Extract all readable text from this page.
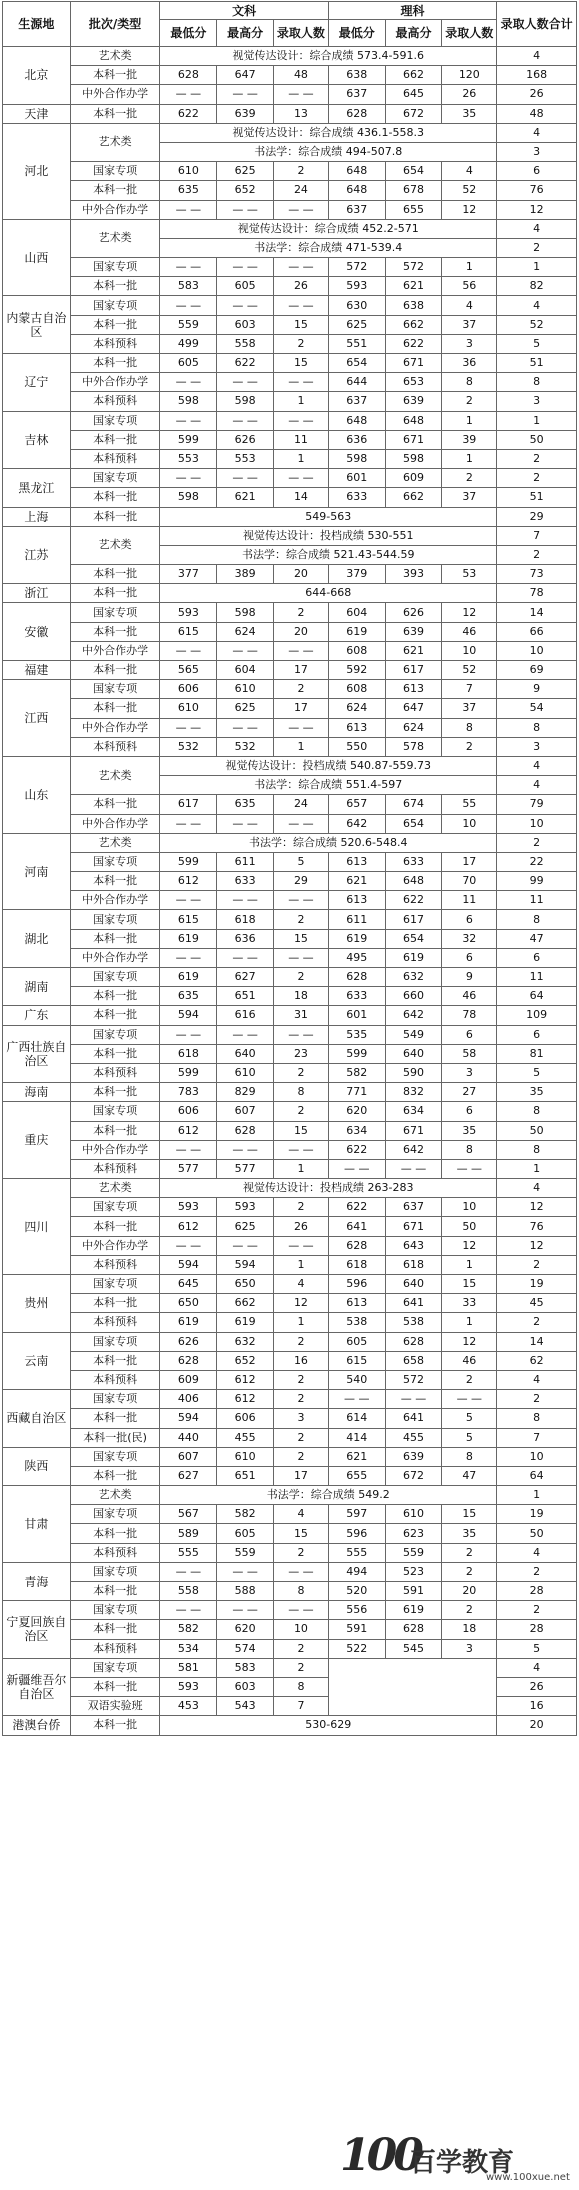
生源地	批次/类型	文科			理科			录取人数合计
		最低分	最高分	录取人数	最低分	最高分	录取人数	
北京	艺术类	视觉传达设计：综合成绩 573.4-591.6						4
	本科一批	628	647	48	638	662	120	168
	中外合作办学	— —	— —	— —	637	645	26	26
天津	本科一批	622	639	13	628	672	35	48
河北	艺术类	视觉传达设计：综合成绩 436.1-558.3						4
		书法学：综合成绩 494-507.8						3
	国家专项	610	625	2	648	654	4	6
	本科一批	635	652	24	648	678	52	76
	中外合作办学	— —	— —	— —	637	655	12	12
山西	艺术类	视觉传达设计：综合成绩 452.2-571						4
		书法学：综合成绩 471-539.4						2
	国家专项	— —	— —	— —	572	572	1	1
	本科一批	583	605	26	593	621	56	82
内蒙古自治区	国家专项	— —	— —	— —	630	638	4	4
	本科一批	559	603	15	625	662	37	52
	本科预科	499	558	2	551	622	3	5
辽宁	本科一批	605	622	15	654	671	36	51
	中外合作办学	— —	— —	— —	644	653	8	8
	本科预科	598	598	1	637	639	2	3
吉林	国家专项	— —	— —	— —	648	648	1	1
	本科一批	599	626	11	636	671	39	50
	本科预科	553	553	1	598	598	1	2
黑龙江	国家专项	— —	— —	— —	601	609	2	2
	本科一批	598	621	14	633	662	37	51
上海	本科一批	549-563						29
江苏	艺术类	视觉传达设计：投档成绩 530-551						7
		书法学：综合成绩 521.43-544.59						2
	本科一批	377	389	20	379	393	53	73
浙江	本科一批	644-668						78
安徽	国家专项	593	598	2	604	626	12	14
	本科一批	615	624	20	619	639	46	66
	中外合作办学	— —	— —	— —	608	621	10	10
福建	本科一批	565	604	17	592	617	52	69
江西	国家专项	606	610	2	608	613	7	9
	本科一批	610	625	17	624	647	37	54
	中外合作办学	— —	— —	— —	613	624	8	8
	本科预科	532	532	1	550	578	2	3
山东	艺术类	视觉传达设计：投档成绩 540.87-559.73						4
		书法学：综合成绩 551.4-597						4
	本科一批	617	635	24	657	674	55	79
	中外合作办学	— —	— —	— —	642	654	10	10
河南	艺术类	书法学：综合成绩 520.6-548.4						2
	国家专项	599	611	5	613	633	17	22
	本科一批	612	633	29	621	648	70	99
	中外合作办学	— —	— —	— —	613	622	11	11
湖北	国家专项	615	618	2	611	617	6	8
	本科一批	619	636	15	619	654	32	47
	中外合作办学	— —	— —	— —	495	619	6	6
湖南	国家专项	619	627	2	628	632	9	11
	本科一批	635	651	18	633	660	46	64
广东	本科一批	594	616	31	601	642	78	109
广西壮族自治区	国家专项	— —	— —	— —	535	549	6	6
	本科一批	618	640	23	599	640	58	81
	本科预科	599	610	2	582	590	3	5
海南	本科一批	783	829	8	771	832	27	35
重庆	国家专项	606	607	2	620	634	6	8
	本科一批	612	628	15	634	671	35	50
	中外合作办学	— —	— —	— —	622	642	8	8
	本科预科	577	577	1	— —	— —	— —	1
四川	艺术类	视觉传达设计：投档成绩 263-283						4
	国家专项	593	593	2	622	637	10	12
	本科一批	612	625	26	641	671	50	76
	中外合作办学	— —	— —	— —	628	643	12	12
	本科预科	594	594	1	618	618	1	2
贵州	国家专项	645	650	4	596	640	15	19
	本科一批	650	662	12	613	641	33	45
	本科预科	619	619	1	538	538	1	2
云南	国家专项	626	632	2	605	628	12	14
	本科一批	628	652	16	615	658	46	62
	本科预科	609	612	2	540	572	2	4
西藏自治区	国家专项	406	612	2	— —	— —	— —	2
	本科一批	594	606	3	614	641	5	8
	本科一批(民)	440	455	2	414	455	5	7
陕西	国家专项	607	610	2	621	639	8	10
	本科一批	627	651	17	655	672	47	64
甘肃	艺术类	书法学：综合成绩 549.2						1
	国家专项	567	582	4	597	610	15	19
	本科一批	589	605	15	596	623	35	50
	本科预科	555	559	2	555	559	2	4
青海	国家专项	— —	— —	— —	494	523	2	2
	本科一批	558	588	8	520	591	20	28
宁夏回族自治区	国家专项	— —	— —	— —	556	619	2	2
	本科一批	582	620	10	591	628	18	28
	本科预科	534	574	2	522	545	3	5
新疆维吾尔自治区	国家专项	581	583	2				4
	本科一批	593	603	8				26
	双语实验班	453	543	7				16
港澳台侨	本科一批	530-629						20
100
百学教育
www.100xue.net
